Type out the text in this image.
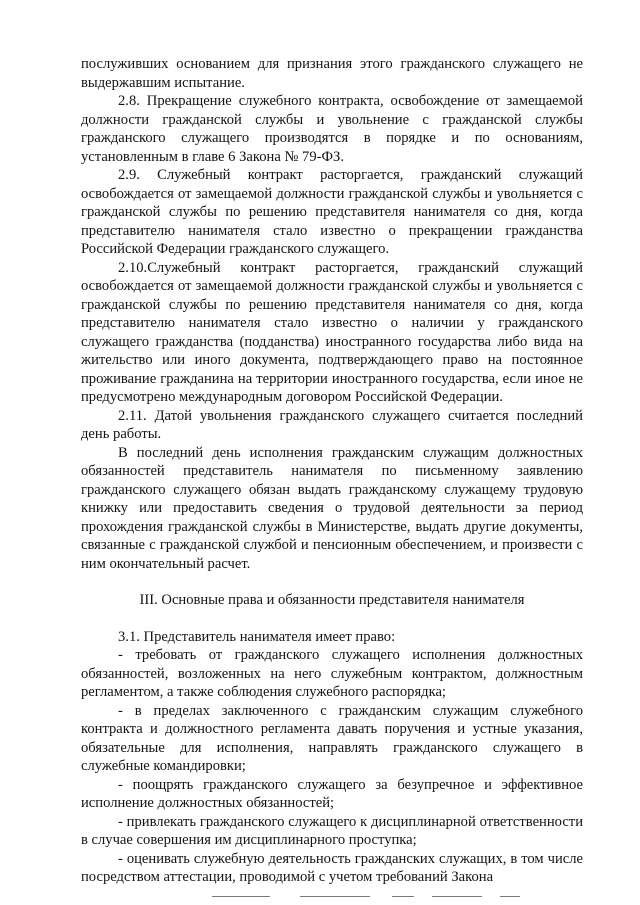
послуживших основанием для признания этого гражданского служащего не выдержавшим испытание.

2.8. Прекращение служебного контракта, освобождение от замещаемой должности гражданской службы и увольнение с гражданской службы гражданского служащего производятся в порядке и по основаниям, установленным в главе 6 Закона № 79-ФЗ.

2.9. Служебный контракт расторгается, гражданский служащий освобождается от замещаемой должности гражданской службы и увольняется с гражданской службы по решению представителя нанимателя со дня, когда представителю нанимателя стало известно о прекращении гражданства Российской Федерации гражданского служащего.

2.10.Служебный контракт расторгается, гражданский служащий освобождается от замещаемой должности гражданской службы и увольняется с гражданской службы по решению представителя нанимателя со дня, когда представителю нанимателя стало известно о наличии у гражданского служащего гражданства (подданства) иностранного государства либо вида на жительство или иного документа, подтверждающего право на постоянное проживание гражданина на территории иностранного государства, если иное не предусмотрено международным договором Российской Федерации.

2.11. Датой увольнения гражданского служащего считается последний день работы.

В последний день исполнения гражданским служащим должностных обязанностей представитель нанимателя по письменному заявлению гражданского служащего обязан выдать гражданскому служащему трудовую книжку или предоставить сведения о трудовой деятельности за период прохождения гражданской службы в Министерстве, выдать другие документы, связанные с гражданской службой и пенсионным обеспечением, и произвести с ним окончательный расчет.

III. Основные права и обязанности представителя нанимателя

3.1. Представитель нанимателя имеет право:

- требовать от гражданского служащего исполнения должностных обязанностей, возложенных на него служебным контрактом, должностным регламентом, а также соблюдения служебного распорядка;

- в пределах заключенного с гражданским служащим служебного контракта и должностного регламента давать поручения и устные указания, обязательные для исполнения, направлять гражданского служащего в служебные командировки;

- поощрять гражданского служащего за безупречное и эффективное исполнение должностных обязанностей;

- привлекать гражданского служащего к дисциплинарной ответственности в случае совершения им дисциплинарного проступка;

- оценивать служебную деятельность гражданских служащих, в том числе посредством аттестации, проводимой с учетом требований Закона
